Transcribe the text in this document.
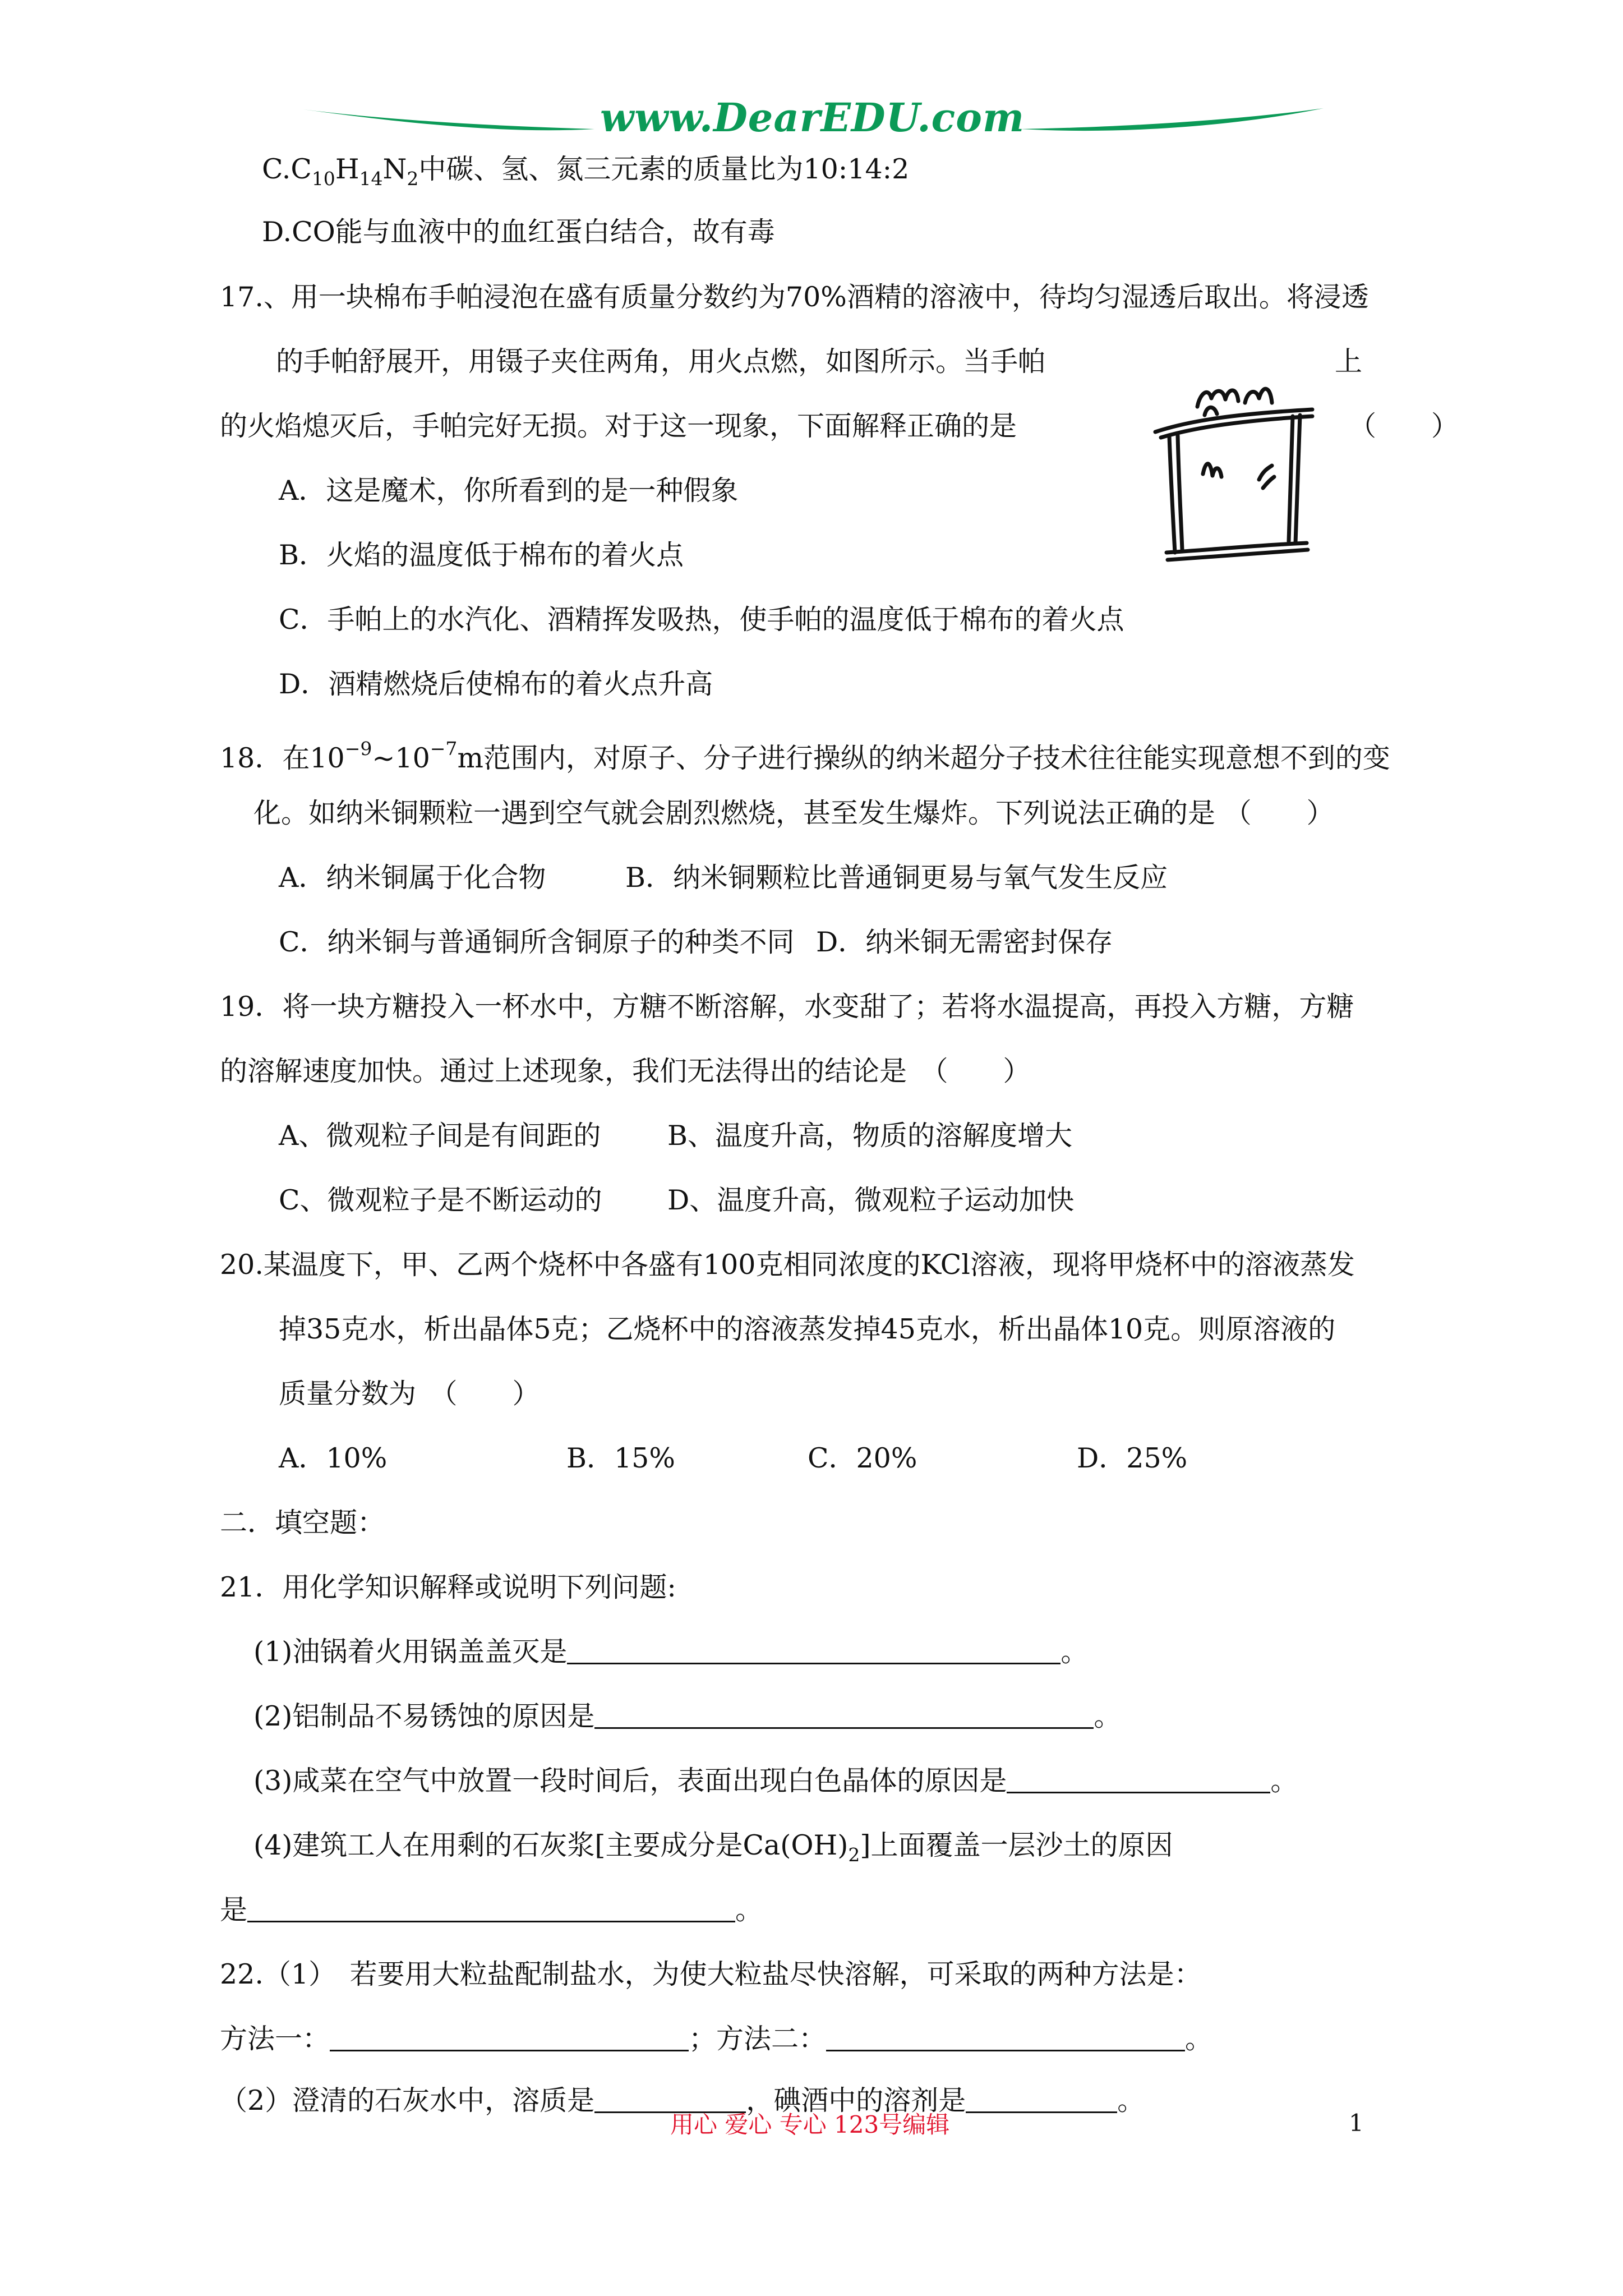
www.DearEDU.com
$C.C_{10}H_{14}N_2$中碳、氢、氮三元素的质量比为10:14:2
D.CO能与血液中的血红蛋白结合，故有毒
17.、用一块棉布手帕浸泡在盛有质量分数约为70%酒精的溶液中，待均匀湿透后取出。将浸透
的手帕舒展开，用镊子夹住两角，用火点燃，如图所示。当手帕	上
的火焰熄灭后，手帕完好无损。对于这一现象，下面解释正确的是	（　　）
A．这是魔术，你所看到的是一种假象
B．火焰的温度低于棉布的着火点
C．手帕上的水汽化、酒精挥发吸热，使手帕的温度低于棉布的着火点
D．酒精燃烧后使棉布的着火点升高
18．在$10^{-9}\sim 10^{-7}m$范围内，对原子、分子进行操纵的纳米超分子技术往往能实现意想不到的变
化。如纳米铜颗粒一遇到空气就会剧烈燃烧，甚至发生爆炸。下列说法正确的是 （　　）
A．纳米铜属于化合物	B．纳米铜颗粒比普通铜更易与氧气发生反应
C．纳米铜与普通铜所含铜原子的种类不同 D．纳米铜无需密封保存
19．将一块方糖投入一杯水中，方糖不断溶解，水变甜了；若将水温提高，再投入方糖，方糖
的溶解速度加快。通过上述现象，我们无法得出的结论是　（　　）
A、微观粒子间是有间距的 B、温度升高，物质的溶解度增大
C、微观粒子是不断运动的 D、温度升高，微观粒子运动加快
20.某温度下，甲、乙两个烧杯中各盛有100克相同浓度的KCl溶液，现将甲烧杯中的溶液蒸发
掉35克水，析出晶体5克；乙烧杯中的溶液蒸发掉45克水，析出晶体10克。则原溶液的
质量分数为　（　　）
A．10%	B．15%	C．20%	D．25%
二．填空题：
21．用化学知识解释或说明下列问题:
(1)油锅着火用锅盖盖灭是	。
(2)铝制品不易锈蚀的原因是	。
(3)咸菜在空气中放置一段时间后，表面出现白色晶体的原因是	。
(4)建筑工人在用剩的石灰浆[主要成分是$Ca(OH)_2$]上面覆盖一层沙土的原因
是	。
22.（1）　若要用大粒盐配制盐水，为使大粒盐尽快溶解，可采取的两种方法是：
方法一：	；方法二：	。
（2）澄清的石灰水中，溶质是	，碘酒中的溶剂是	。
用心 爱心 专心 123号编辑	1
